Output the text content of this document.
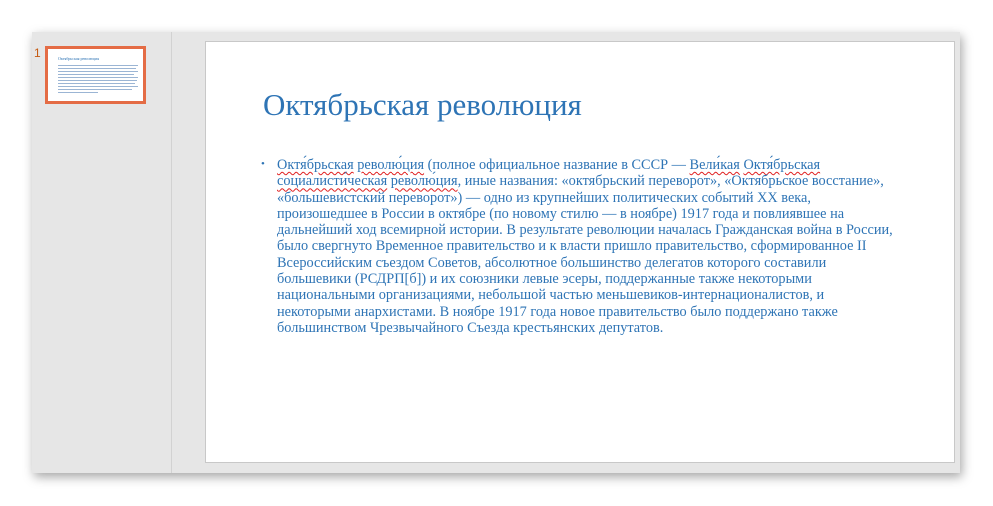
1	Октябрьская революция
Октябрьская революция
• Октя́брьская револю́ция (полное официальное название в СССР — Вели́кая Октя́брьская социалисти́ческая револю́ция, иные названия: «октябрьский переворот», «Октябрьское восстание», «большевистский переворот») — одно из крупнейших политических событий XX века, произошедшее в России в октябре (по новому стилю — в ноябре) 1917 года и повлиявшее на дальнейший ход всемирной истории. В результате революции началась Гражданская война в России, было свергнуто Временное правительство и к власти пришло правительство, сформированное II Всероссийским съездом Советов, абсолютное большинство делегатов которого составили большевики (РСДРП[б]) и их союзники левые эсеры, поддержанные также некоторыми национальными организациями, небольшой частью меньшевиков-интернационалистов, и некоторыми анархистами. В ноябре 1917 года новое правительство было поддержано также большинством Чрезвычайного Съезда крестьянских депутатов.
